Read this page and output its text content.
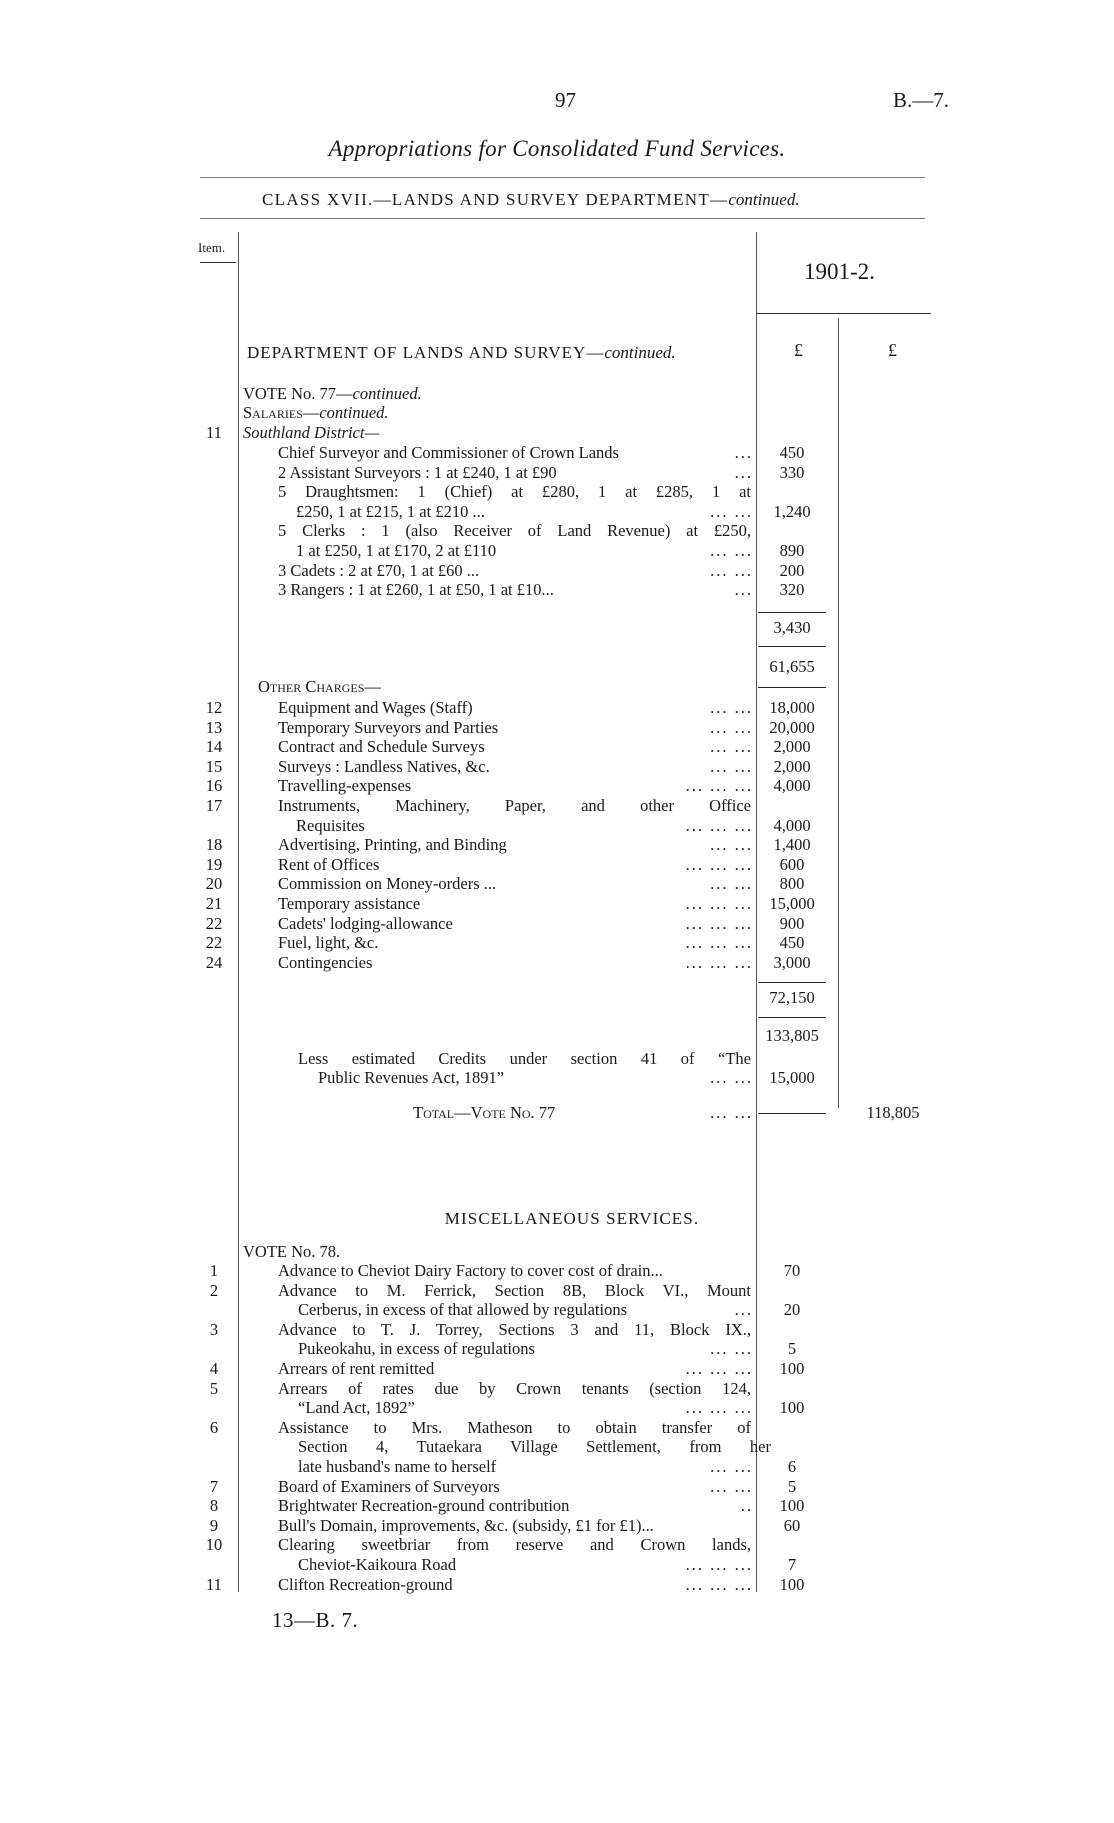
97	B.—7.
Appropriations for Consolidated Fund Services.
CLASS XVII.—LANDS AND SURVEY DEPARTMENT—continued.
Item.
1901-2.
£	£
DEPARTMENT OF LANDS AND SURVEY—continued.
VOTE No. 77—continued.
Salaries—continued.
11 Southland District—
Chief Surveyor and Commissioner of Crown Lands	...	450
2 Assistant Surveyors : 1 at £240, 1 at £90	...	330
5 Draughtsmen: 1 (Chief) at £280, 1 at £285, 1 at
£250, 1 at £215, 1 at £210 ...	... ...	1,240
5 Clerks : 1 (also Receiver of Land Revenue) at £250,
1 at £250, 1 at £170, 2 at £110	... ...	890
3 Cadets : 2 at £70, 1 at £60 ...	... ...	200
3 Rangers : 1 at £260, 1 at £50, 1 at £10...	...	320
3,430
61,655
Other Charges—
12	Equipment and Wages (Staff)	... ... 18,000
13	Temporary Surveyors and Parties	... ... 20,000
14	Contract and Schedule Surveys	... ...	2,000
15	Surveys : Landless Natives, &c.	... ...	2,000
16	Travelling-expenses	... ... ...	4,000
17	Instruments, Machinery, Paper, and other Office
Requisites	... ... ...	4,000
18	Advertising, Printing, and Binding	... ...	1,400
19	Rent of Offices	... ... ...	600
20	Commission on Money-orders ...	... ...	800
21	Temporary assistance	... ... ... 15,000
22	Cadets' lodging-allowance	... ... ...	900
22	Fuel, light, &c.	... ... ...	450
24	Contingencies	... ... ...	3,000
72,150
133,805
Less estimated Credits under section 41 of “The
Public Revenues Act, 1891”	... ... 15,000
Total—Vote No. 77	... ...	118,805
MISCELLANEOUS SERVICES.
VOTE No. 78.
1	Advance to Cheviot Dairy Factory to cover cost of drain...	70
2	Advance to M. Ferrick, Section 8B, Block VI., Mount
Cerberus, in excess of that allowed by regulations	...	20
3	Advance to T. J. Torrey, Sections 3 and 11, Block IX.,
Pukeokahu, in excess of regulations	... ...	5
4	Arrears of rent remitted	... ... ...	100
5	Arrears of rates due by Crown tenants (section 124,
“Land Act, 1892”	... ... ...	100
6	Assistance to Mrs. Matheson to obtain transfer of
Section 4, Tutaekara Village Settlement, from her
late husband's name to herself	... ...	6
7	Board of Examiners of Surveyors	... ...	5
8	Brightwater Recreation-ground contribution	..	100
9	Bull's Domain, improvements, &c. (subsidy, £1 for £1)...	60
10	Clearing sweetbriar from reserve and Crown lands,
Cheviot-Kaikoura Road	... ... ...	7
11	Clifton Recreation-ground	... ... ...	100
13—B. 7.
